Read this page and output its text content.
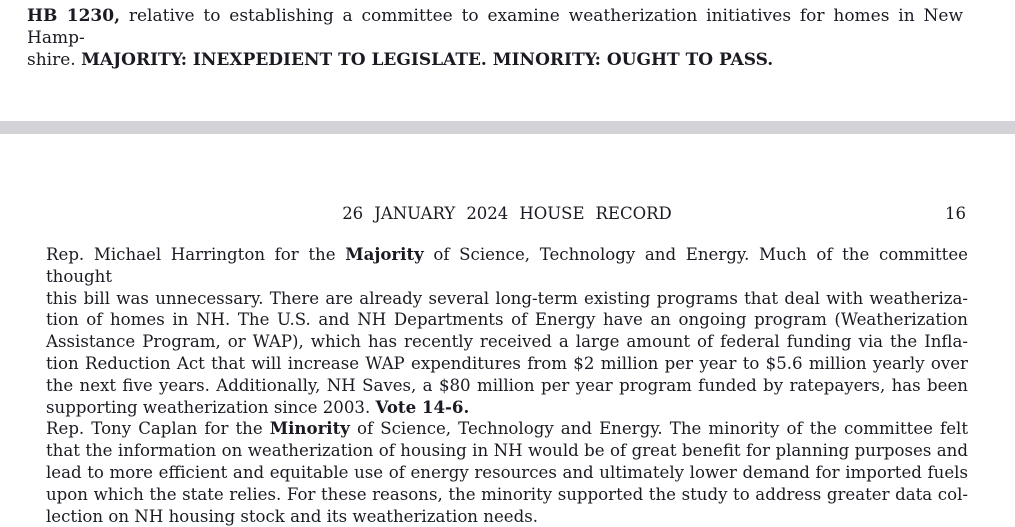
HB 1230, relative to establishing a committee to examine weatherization initiatives for homes in New Hamp-
shire. MAJORITY: INEXPEDIENT TO LEGISLATE. MINORITY: OUGHT TO PASS.
26 JANUARY 2024 HOUSE RECORD	16
Rep. Michael Harrington for the Majority of Science, Technology and Energy. Much of the committee thought
this bill was unnecessary. There are already several long-term existing programs that deal with weatheriza-
tion of homes in NH. The U.S. and NH Departments of Energy have an ongoing program (Weatherization
Assistance Program, or WAP), which has recently received a large amount of federal funding via the Infla-
tion Reduction Act that will increase WAP expenditures from $2 million per year to $5.6 million yearly over
the next five years. Additionally, NH Saves, a $80 million per year program funded by ratepayers, has been
supporting weatherization since 2003. Vote 14-6.
Rep. Tony Caplan for the Minority of Science, Technology and Energy. The minority of the committee felt
that the information on weatherization of housing in NH would be of great benefit for planning purposes and
lead to more efficient and equitable use of energy resources and ultimately lower demand for imported fuels
upon which the state relies. For these reasons, the minority supported the study to address greater data col-
lection on NH housing stock and its weatherization needs.
